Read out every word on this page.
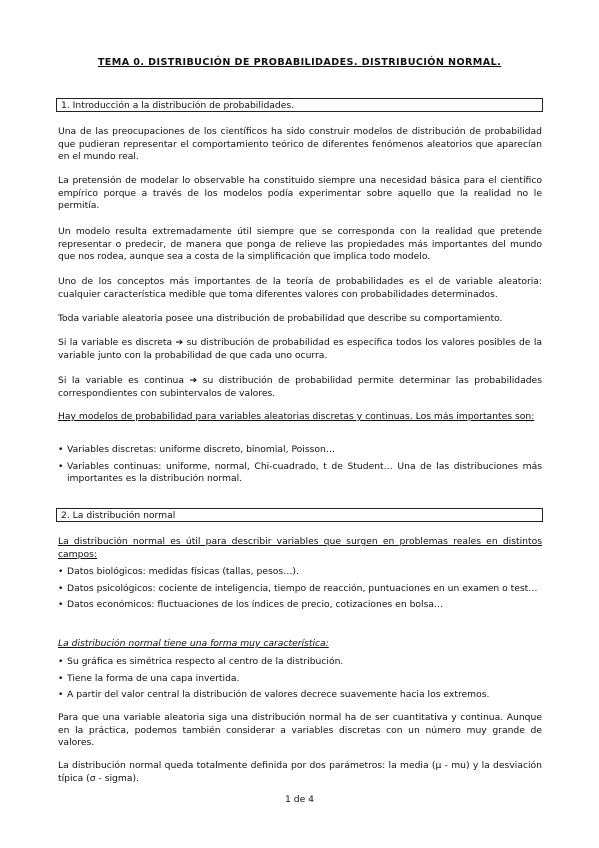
TEMA 0. DISTRIBUCIÓN DE PROBABILIDADES. DISTRIBUCIÓN NORMAL.
1. Introducción a la distribución de probabilidades.

Una de las preocupaciones de los científicos ha sido construir modelos de distribución de probabilidad que pudieran representar el comportamiento teórico de diferentes fenómenos aleatorios que aparecían en el mundo real.

La pretensión de modelar lo observable ha constituido siempre una necesidad básica para el científico empírico porque a través de los modelos podía experimentar sobre aquello que la realidad no le permitía.

Un modelo resulta extremadamente útil siempre que se corresponda con la realidad que pretende representar o predecir, de manera que ponga de relieve las propiedades más importantes del mundo que nos rodea, aunque sea a costa de la simplificación que implica todo modelo.

Uno de los conceptos más importantes de la teoría de probabilidades es el de variable aleatoria: cualquier característica medible que toma diferentes valores con probabilidades determinados.

Toda variable aleatoria posee una distribución de probabilidad que describe su comportamiento.

Si la variable es discreta ➔ su distribución de probabilidad es especifica todos los valores posibles de la variable junto con la probabilidad de que cada uno ocurra.

Si la variable es continua ➔ su distribución de probabilidad permite determinar las probabilidades correspondientes con subintervalos de valores.

Hay modelos de probabilidad para variables aleatorias discretas y continuas. Los más importantes son:

• Variables discretas: uniforme discreto, binomial, Poisson…
• Variables continuas: uniforme, normal, Chi-cuadrado, t de Student… Una de las distribuciones más importantes es la distribución normal.
2. La distribución normal

La distribución normal es útil para describir variables que surgen en problemas reales en distintos campos:

• Datos biológicos: medidas físicas (tallas, pesos…).
• Datos psicológicos: cociente de inteligencia, tiempo de reacción, puntuaciones en un examen o test…
• Datos económicos: fluctuaciones de los índices de precio, cotizaciones en bolsa…

La distribución normal tiene una forma muy característica:

• Su gráfica es simétrica respecto al centro de la distribución.
• Tiene la forma de una capa invertida.
• A partir del valor central la distribución de valores decrece suavemente hacia los extremos.

Para que una variable aleatoria siga una distribución normal ha de ser cuantitativa y continua. Aunque en la práctica, podemos también considerar a variables discretas con un número muy grande de valores.

La distribución normal queda totalmente definida por dos parámetros: la media (μ - mu) y la desviación típica (σ - sigma).

1 de 4
